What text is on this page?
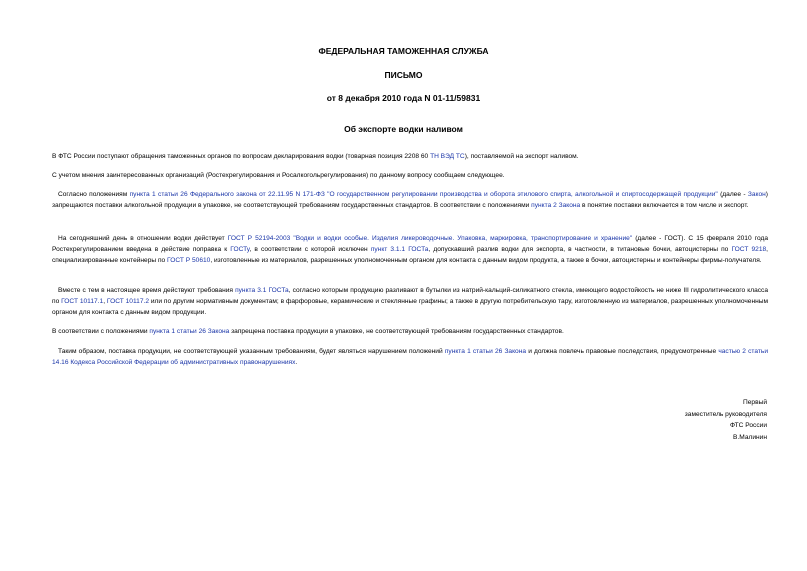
ФЕДЕРАЛЬНАЯ ТАМОЖЕННАЯ СЛУЖБА
ПИСЬМО
от 8 декабря 2010 года N 01-11/59831
Об экспорте водки наливом
В ФТС России поступают обращения таможенных органов по вопросам декларирования водки (товарная позиция 2208 60 ТН ВЭД ТС), поставляемой на экспорт наливом.
С учетом мнения заинтересованных организаций (Ростехрегулирования и Росалкогольрегулирования) по данному вопросу сообщаем следующее.
Согласно положениям пункта 1 статьи 26 Федерального закона от 22.11.95 N 171-ФЗ "О государственном регулировании производства и оборота этилового спирта, алкогольной и спиртосодержащей продукции" (далее - Закон) запрещаются поставки алкогольной продукции в упаковке, не соответствующей требованиям государственных стандартов. В соответствии с положениями пункта 2 Закона в понятие поставки включается в том числе и экспорт.
На сегодняшний день в отношении водки действует ГОСТ Р 52194-2003 "Водки и водки особые. Изделия ликероводочные. Упаковка, маркировка, транспортирование и хранение" (далее - ГОСТ). С 15 февраля 2010 года Ростехрегулированием введена в действие поправка к ГОСТу, в соответствии с которой исключен пункт 3.1.1 ГОСТа, допускавший разлив водки для экспорта, в частности, в титановые бочки, автоцистерны по ГОСТ 9218, специализированные контейнеры по ГОСТ Р 50610, изготовленные из материалов, разрешенных уполномоченным органом для контакта с данным видом продукта, а также в бочки, автоцистерны и контейнеры фирмы-получателя.
Вместе с тем в настоящее время действуют требования пункта 3.1 ГОСТа, согласно которым продукцию разливают в бутылки из натрий-кальций-силикатного стекла, имеющего водостойкость не ниже III гидролитического класса по ГОСТ 10117.1, ГОСТ 10117.2 или по другим нормативным документам; в фарфоровые, керамические и стеклянные графины; а также в другую потребительскую тару, изготовленную из материалов, разрешенных уполномоченным органом для контакта с данным видом продукции.
В соответствии с положениями пункта 1 статьи 26 Закона запрещена поставка продукции в упаковке, не соответствующей требованиям государственных стандартов.
Таким образом, поставка продукции, не соответствующей указанным требованиям, будет являться нарушением положений пункта 1 статьи 26 Закона и должна повлечь правовые последствия, предусмотренные частью 2 статьи 14.16 Кодекса Российской Федерации об административных правонарушениях.
Первый
заместитель руководителя
ФТС России
В.Малинин
